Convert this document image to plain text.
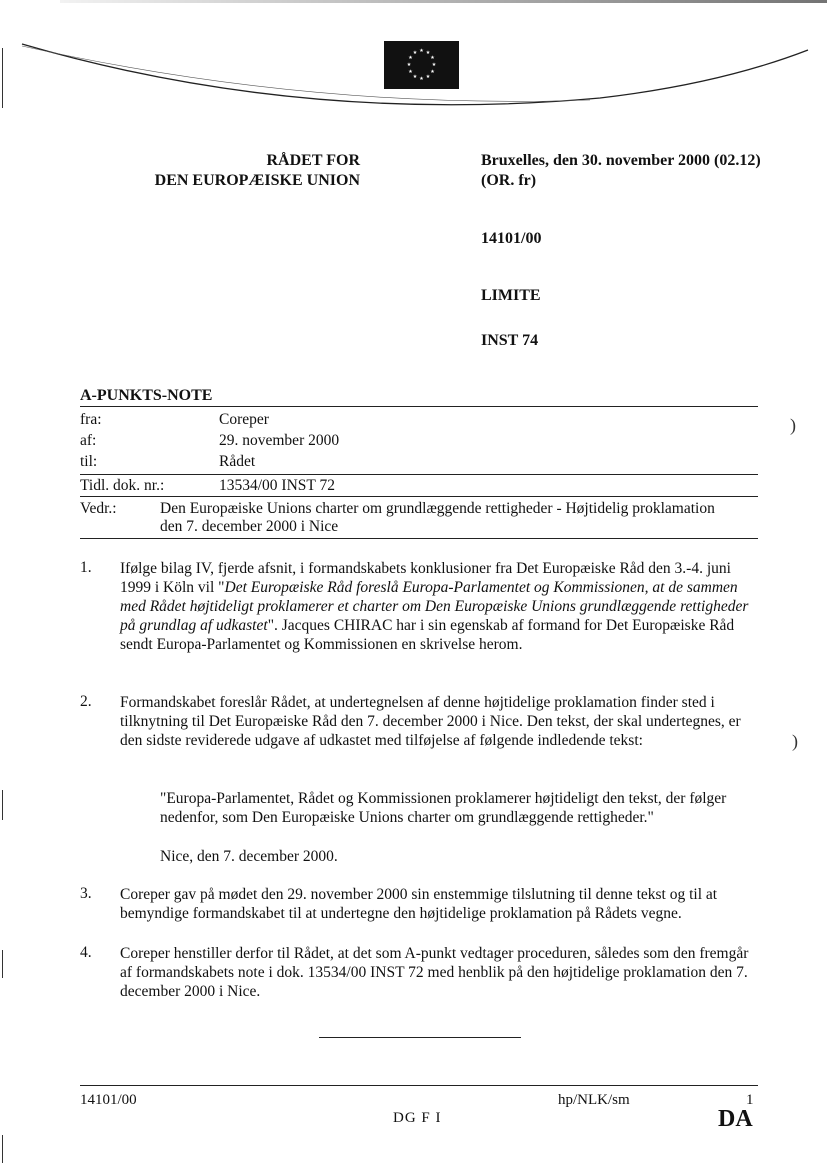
★ ★
★
★
★
★
★
★
★
★
★
★
RÅDET FOR
DEN EUROPÆISKE UNION
Bruxelles, den 30. november 2000 (02.12)
(OR. fr)
14101/00
LIMITE
INST 74
A-PUNKTS-NOTE
fra:	Coreper
af:	29. november 2000
til:	Rådet
Tidl. dok. nr.:	13534/00 INST 72
Vedr.:	Den Europæiske Unions charter om grundlæggende rettigheder - Højtidelig proklamation den 7. december 2000 i Nice
1. Ifølge bilag IV, fjerde afsnit, i formandskabets konklusioner fra Det Europæiske Råd den 3.-4. juni 1999 i Köln vil "Det Europæiske Råd foreslå Europa-Parlamentet og Kommissionen, at de sammen med Rådet højtideligt proklamerer et charter om Den Europæiske Unions grundlæggende rettigheder på grundlag af udkastet". Jacques CHIRAC har i sin egenskab af formand for Det Europæiske Råd sendt Europa-Parlamentet og Kommissionen en skrivelse herom.
2. Formandskabet foreslår Rådet, at undertegnelsen af denne højtidelige proklamation finder sted i tilknytning til Det Europæiske Råd den 7. december 2000 i Nice. Den tekst, der skal undertegnes, er den sidste reviderede udgave af udkastet med tilføjelse af følgende indledende tekst:
"Europa-Parlamentet, Rådet og Kommissionen proklamerer højtideligt den tekst, der følger nedenfor, som Den Europæiske Unions charter om grundlæggende rettigheder."
Nice, den 7. december 2000.
3. Coreper gav på mødet den 29. november 2000 sin enstemmige tilslutning til denne tekst og til at bemyndige formandskabet til at undertegne den højtidelige proklamation på Rådets vegne.
4. Coreper henstiller derfor til Rådet, at det som A-punkt vedtager proceduren, således som den fremgår af formandskabets note i dok. 13534/00 INST 72 med henblik på den højtidelige proklamation den 7. december 2000 i Nice.
)
)
14101/00
DG F I
hp/NLK/sm	1
DA
